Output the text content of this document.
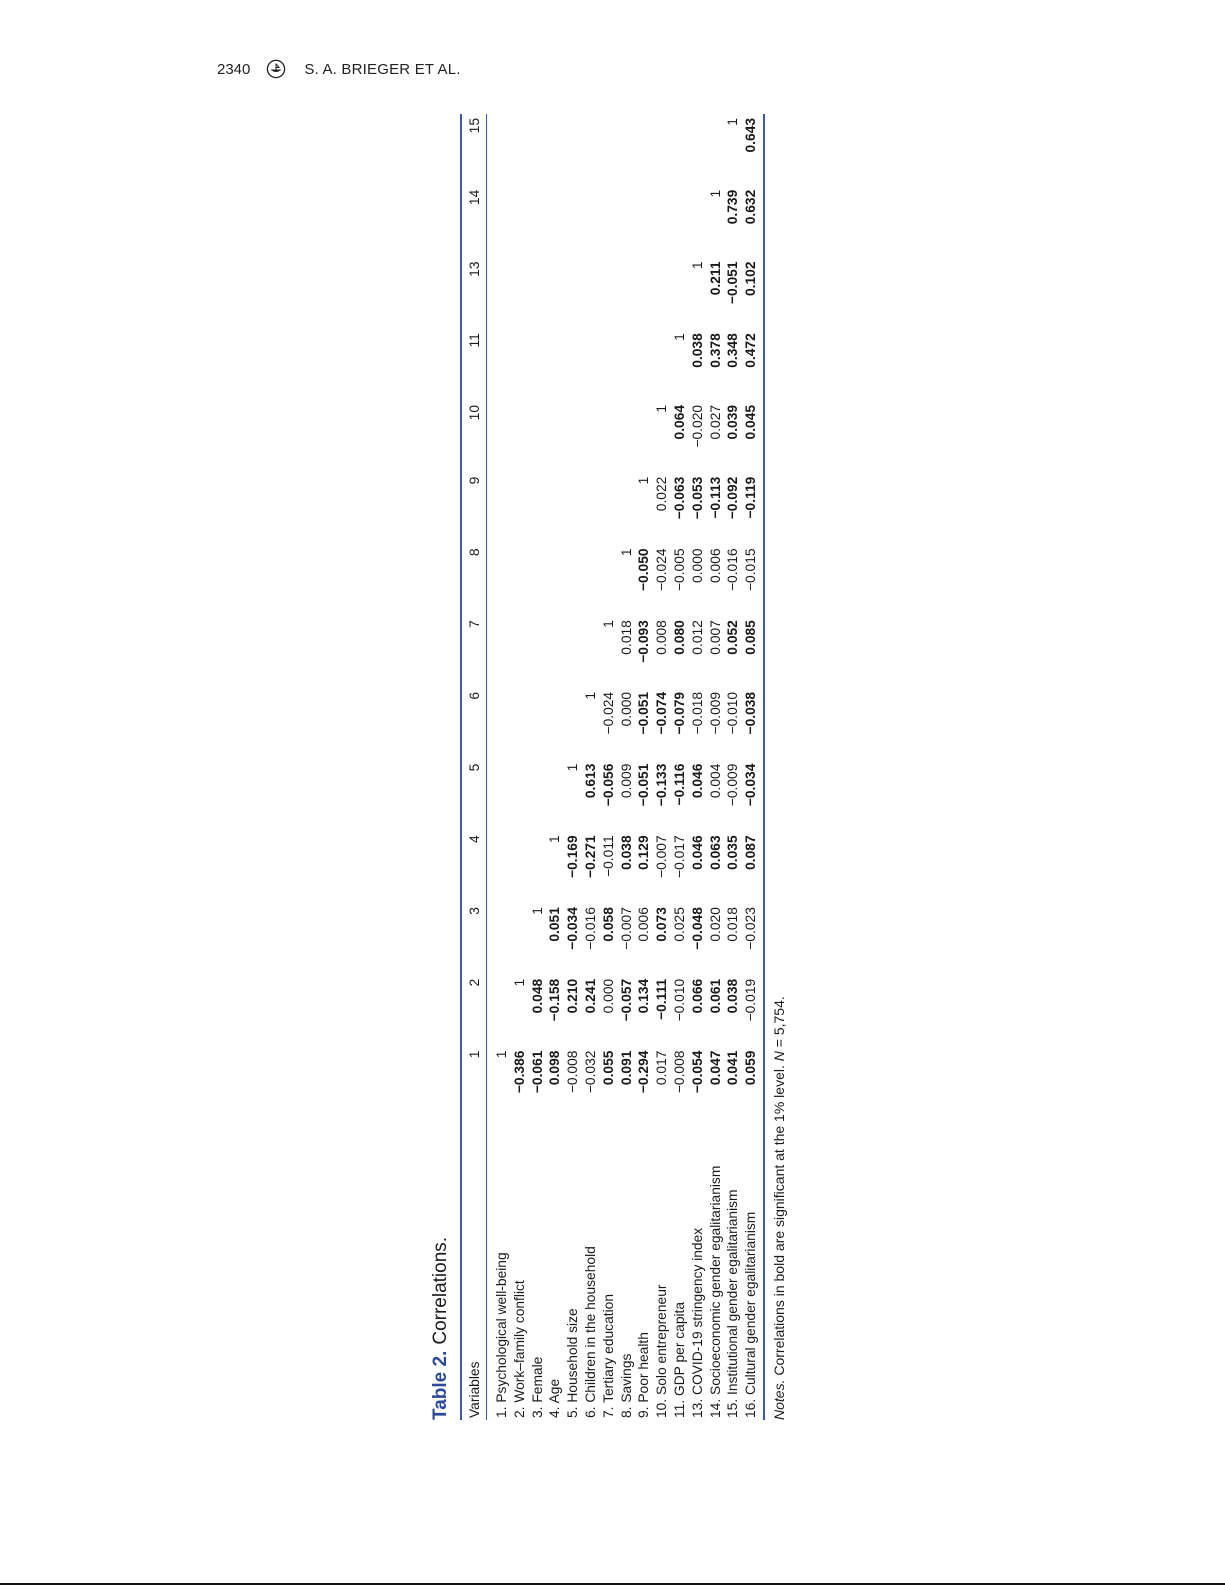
2340	S. A. BRIEGER ET AL.
Table 2.Correlations.
Variables	1	2	3	4	5	6	7	8	9	10	11	13	14	15
1. Psychological well-being	1													
2. Work–family conflict	−0.386	1												
3. Female	−0.061	0.048	1											
4. Age	0.098	−0.158	0.051	1										
5. Household size	−0.008	0.210	−0.034	−0.169	1									
6. Children in the household	−0.032	0.241	−0.016	−0.271	0.613	1								
7. Tertiary education	0.055	0.000	0.058	−0.011	−0.056	−0.024	1							
8. Savings	0.091	−0.057	−0.007	0.038	0.009	0.000	0.018	1						
9. Poor health	−0.294	0.134	0.006	0.129	−0.051	−0.051	−0.093	−0.050	1					
10. Solo entrepreneur	0.017	−0.111	0.073	−0.007	−0.133	−0.074	0.008	−0.024	0.022	1				
11. GDP per capita	−0.008	−0.010	0.025	−0.017	−0.116	−0.079	0.080	−0.005	−0.063	0.064	1			
13. COVID-19 stringency index	−0.054	0.066	−0.048	0.046	0.046	−0.018	0.012	0.000	−0.053	−0.020	0.038	1		
14. Socioeconomic gender egalitarianism	0.047	0.061	0.020	0.063	0.004	−0.009	0.007	0.006	−0.113	0.027	0.378	0.211	1	
15. Institutional gender egalitarianism	0.041	0.038	0.018	0.035	−0.009	−0.010	0.052	−0.016	−0.092	0.039	0.348	−0.051	0.739	1
16. Cultural gender egalitarianism	0.059	−0.019	−0.023	0.087	−0.034	−0.038	0.085	−0.015	−0.119	0.045	0.472	0.102	0.632	0.643
Notes. Correlations in bold are significant at the 1% level. N = 5,754.
